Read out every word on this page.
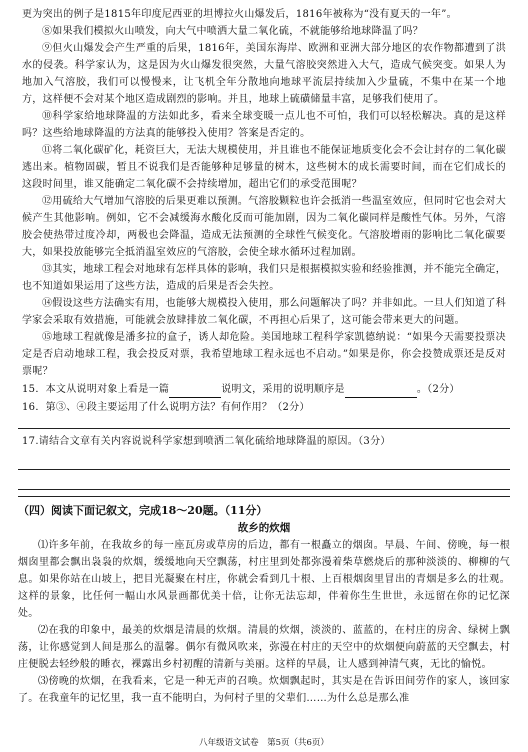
更为突出的例子是1815年印度尼西亚的坦博拉火山爆发后，1816年被称为“没有夏天的一年”。

⑧如果我们模拟火山喷发，向大气中喷洒大量二氧化硫，不就能够给地球降温了吗？

⑨但火山爆发会产生严重的后果，1816年，美国东海岸、欧洲和亚洲大部分地区的农作物都遭到了洪水的侵袭。科学家认为，这是因为火山爆发很突然，大量气溶胶突然进入大气，造成气候突变。如果人为地加入气溶胶，我们可以慢慢来，让飞机全年分散地向地球平流层持续加入少量硫，不集中在某一个地方，这样便不会对某个地区造成剧烈的影响。并且，地球上硫磺储量丰富，足够我们使用了。

⑩科学家给地球降温的方法如此多，看来全球变暖一点儿也不可怕，我们可以轻松解决。真的是这样吗？这些给地球降温的方法真的能够投入使用？答案是否定的。

⑪将二氧化碳矿化，耗资巨大，无法大规模使用，并且谁也不能保证地质变化会不会让封存的二氧化碳逃出来。植物固碳，暂且不说我们是否能够种足够量的树木，这些树木的成长需要时间，而在它们成长的这段时间里，谁又能确定二氧化碳不会持续增加，超出它们的承受范围呢？

⑫用硫给大气增加气溶胶的后果更难以预测。气溶胶颗粒也许会抵消一些温室效应，但同时它也会对大候产生其他影响。例如，它不会减缓海水酸化反而可能加剧，因为二氧化碳同样是酸性气体。另外，气溶胶会使热带过度冷却，两极也会降温，造成无法预测的全球性气候变化。气溶胶增雨的影响比二氧化碳要大，如果投放能够完全抵消温室效应的气溶胶，会使全球水循环过程加剧。

⑬其实，地球工程会对地球有怎样具体的影响，我们只是根据模拟实验和经验推测，并不能完全确定，也不知道如果运用了这些方法，造成的后果是否会失控。

⑭假设这些方法确实有用，也能够大规模投入使用，那么问题解决了吗？并非如此。一旦人们知道了科学家会采取有效措施，可能就会放肆排放二氧化碳，不再担心后果了，这可能会带来更大的问题。

⑮地球工程就像是潘多拉的盒子，诱人却危险。美国地球工程科学家凯德纳说：“如果今天需要投票决定是否启动地球工程，我会投反对票，我希望地球工程永远也不启动。”如果是你，你会投赞成票还是反对票呢？

15．本文从说明对象上看是一篇	说明文，采用的说明顺序是	。（2分）

16．第③、④段主要运用了什么说明方法？有何作用？（2分）

17.请结合文章有关内容说说科学家想到喷洒二氧化硫给地球降温的原因。（3分）

（四）阅读下面记叙文，完成18～20题。（11分）
故乡的炊烟

⑴许多年前，在我故乡的每一座瓦房或草房的后边，都有一根矗立的烟囱。早晨、午间、傍晚，每一根烟囱里都会飘出袅袅的炊烟，缓缓地向天空飘荡，村庄里到处都弥漫着柴草燃烧后的那种淡淡的、柳柳的气息。如果你站在山坡上，把目光凝聚在村庄，你就会看到几十根、上百根烟囱里冒出的青烟是多么的壮观。这样的景象，比任何一幅山水风景画都优美十倍，让你无法忘却，伴着你生生世世，永远留在你的记忆深处。

⑵在我的印象中，最美的炊烟是清晨的炊烟。清晨的炊烟，淡淡的、蓝蓝的，在村庄的房舍、绿树上飘荡，让你感觉到人间是那么的温馨。偶尔有微风吹来，弥漫在村庄的天空中的炊烟便向蔚蓝的天空飘去，村庄便脱去轻纱般的睡衣，裸露出乡村初醒的清新与美丽。这样的早晨，让人感到神清气爽，无比的愉悦。

⑶傍晚的炊烟，在我看来，它是一种无声的召唤。炊烟飘起时，其实是在告诉田间劳作的家人，该回家了。在我童年的记忆里，我一直不能明白，为何村子里的父辈们……为什么总是那么准

八年级语文试卷　第5页（共6页）
